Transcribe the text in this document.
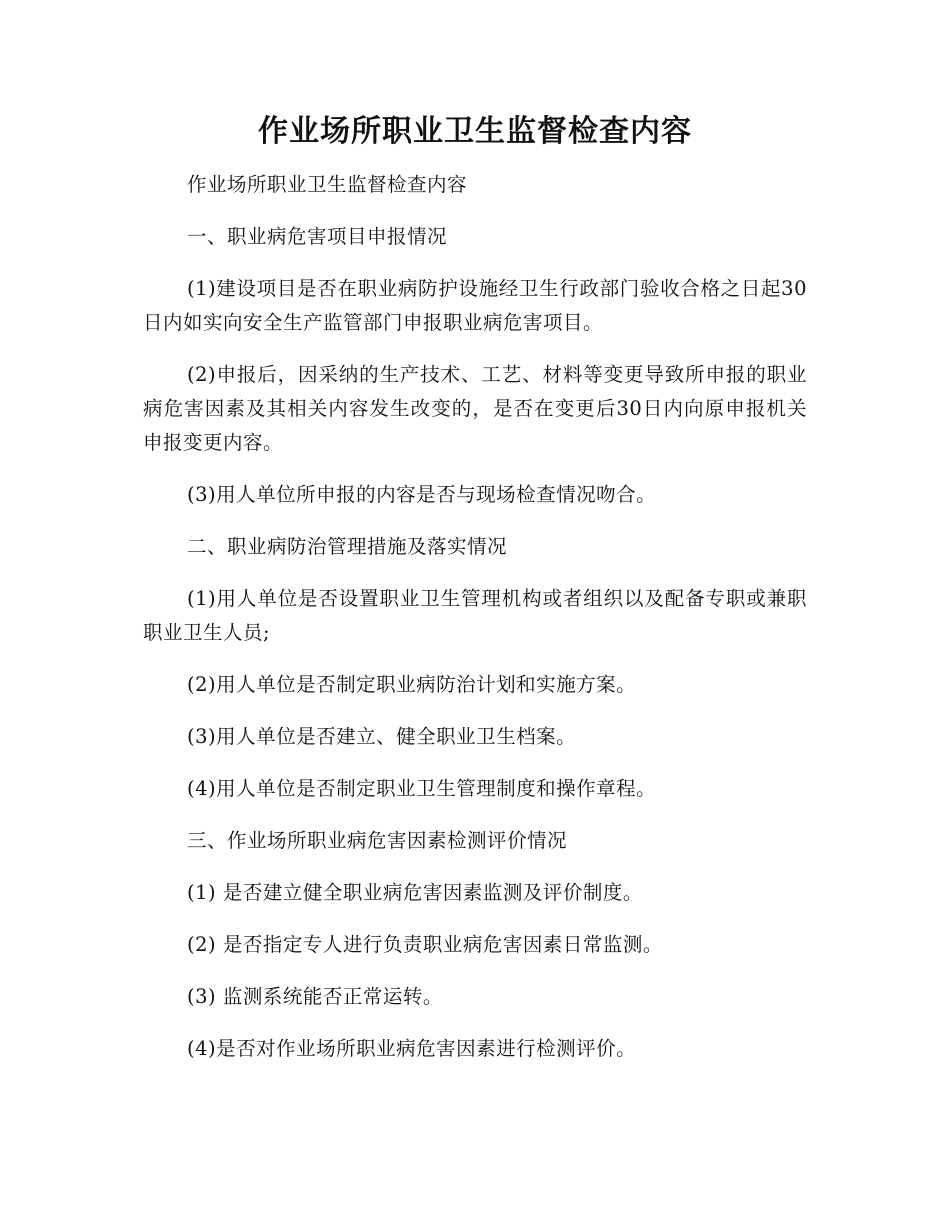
作业场所职业卫生监督检查内容

作业场所职业卫生监督检查内容

一、职业病危害项目申报情况

(1)建设项目是否在职业病防护设施经卫生行政部门验收合格之日起30日内如实向安全生产监管部门申报职业病危害项目。

(2)申报后，因采纳的生产技术、工艺、材料等变更导致所申报的职业病危害因素及其相关内容发生改变的，是否在变更后30日内向原申报机关申报变更内容。

(3)用人单位所申报的内容是否与现场检查情况吻合。

二、职业病防治管理措施及落实情况

(1)用人单位是否设置职业卫生管理机构或者组织以及配备专职或兼职职业卫生人员;

(2)用人单位是否制定职业病防治计划和实施方案。

(3)用人单位是否建立、健全职业卫生档案。

(4)用人单位是否制定职业卫生管理制度和操作章程。

三、作业场所职业病危害因素检测评价情况

(1) 是否建立健全职业病危害因素监测及评价制度。

(2) 是否指定专人进行负责职业病危害因素日常监测。

(3) 监测系统能否正常运转。

(4)是否对作业场所职业病危害因素进行检测评价。
